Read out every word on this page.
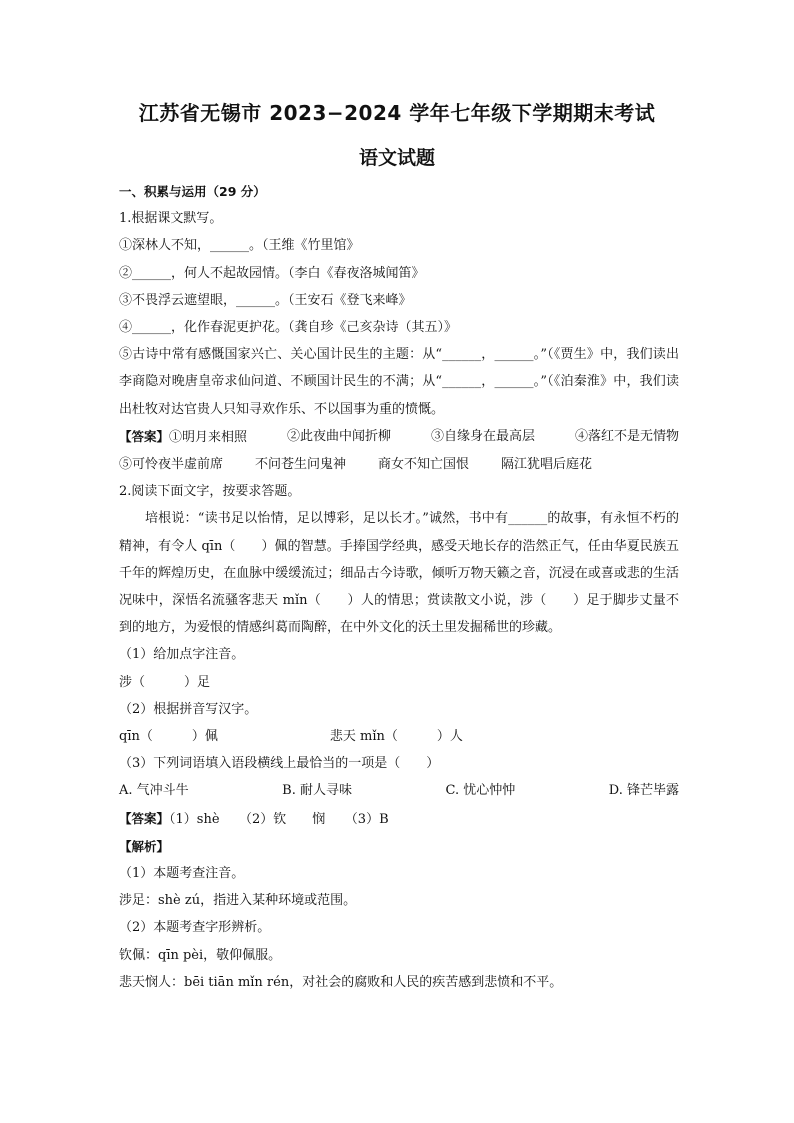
江苏省无锡市 2023−2024 学年七年级下学期期末考试
语文试题

一、积累与运用（29 分）

1.根据课文默写。

①深林人不知，______。（王维《竹里馆》

②______，何人不起故园情。（李白《春夜洛城闻笛》

③不畏浮云遮望眼，______。（王安石《登飞来峰》

④______，化作春泥更护花。（龚自珍《己亥杂诗（其五）》

⑤古诗中常有感慨国家兴亡、关心国计民生的主题：从“______，______。”（《贾生》中，我们读出李商隐对晚唐皇帝求仙问道、不顾国计民生的不满；从“______，______。”（《泊秦淮》中，我们读出杜牧对达官贵人只知寻欢作乐、不以国事为重的愤慨。

【答案】①明月来相照	②此夜曲中闻折柳	③自缘身在最高层	④落红不是无情物
⑤可怜夜半虚前席 不问苍生问鬼神 商女不知亡国恨 隔江犹唱后庭花

2.阅读下面文字，按要求答题。

培根说：“读书足以怡情，足以博彩，足以长才。”诚然，书中有______的故事，有永恒不朽的精神，有令人 qīn（　　）佩的智慧。手捧国学经典，感受天地长存的浩然正气，任由华夏民族五千年的辉煌历史，在血脉中缓缓流过；细品古今诗歌，倾听万物天籁之音，沉浸在或喜或悲的生活况味中，深悟名流骚客悲天 mǐn（　　）人的情思；赏读散文小说，涉（　　）足于脚步丈量不到的地方，为爱恨的情感纠葛而陶醉，在中外文化的沃土里发掘稀世的珍藏。

（1）给加点字注音。

涉（　　　）足

（2）根据拼音写汉字。

qīn（　　　）佩	悲天 mǐn（　　　）人

（3）下列词语填入语段横线上最恰当的一项是（　　）

A. 气冲斗牛	B. 耐人寻味	C. 忧心忡忡	D. 锋芒毕露

【答案】（1）shè　　（2）钦　　悯　　（3）B

【解析】

（1）本题考查注音。

涉足：shè zú，指进入某种环境或范围。

（2）本题考查字形辨析。

钦佩：qīn pèi，敬仰佩服。

悲天悯人：bēi tiān mǐn rén，对社会的腐败和人民的疾苦感到悲愤和不平。
